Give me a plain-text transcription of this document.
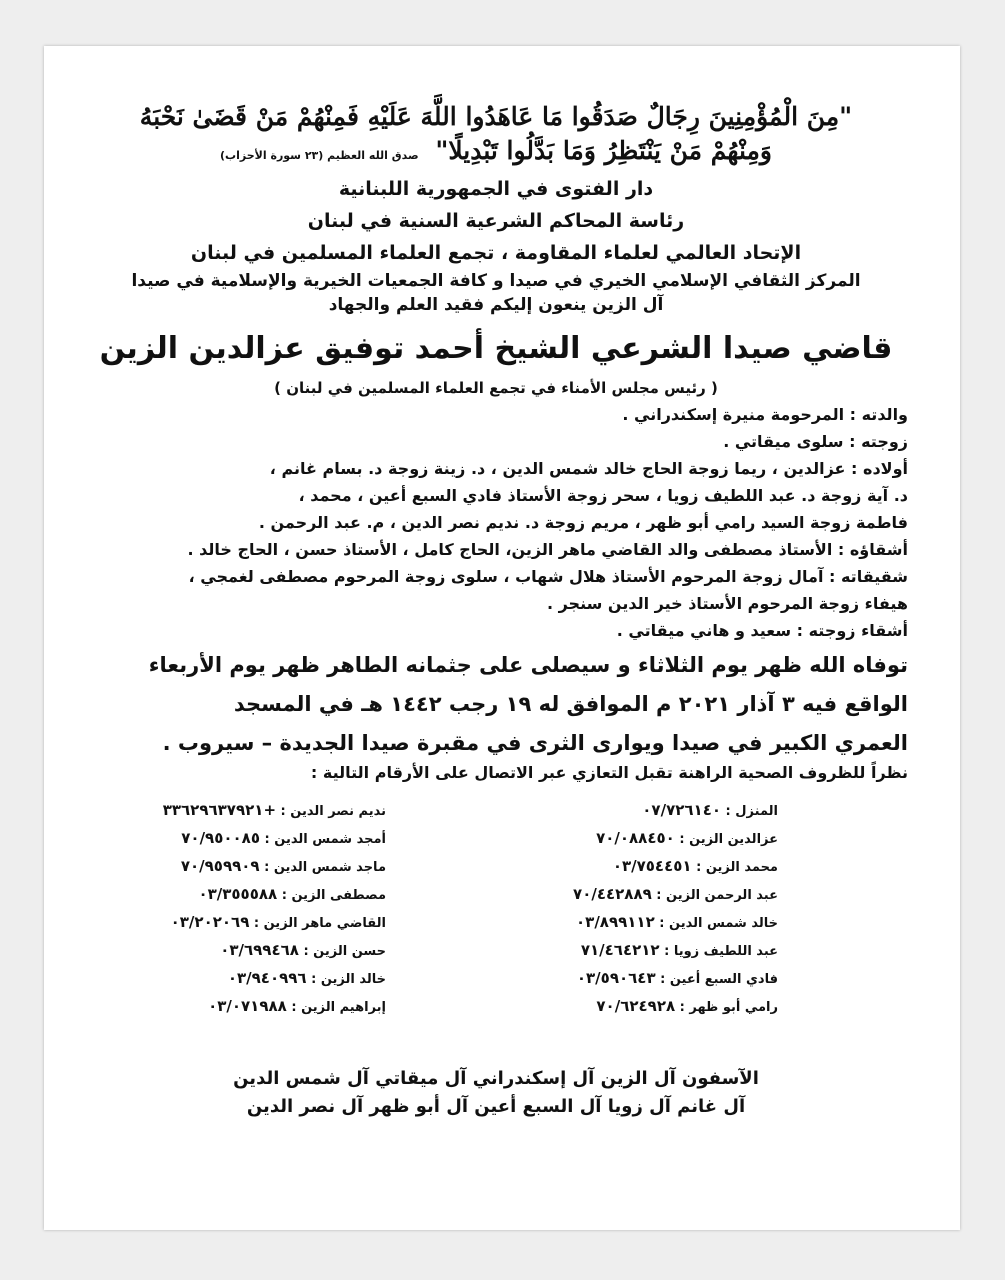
"مِنَ الْمُؤْمِنِينَ رِجَالٌ صَدَقُوا مَا عَاهَدُوا اللَّهَ عَلَيْهِ فَمِنْهُمْ مَنْ قَضَىٰ نَحْبَهُ
وَمِنْهُمْ مَنْ يَنْتَظِرُ وَمَا بَدَّلُوا تَبْدِيلًا" صدق الله العظيم (٢٣ سورة الأحزاب)
دار الفتوى في الجمهورية اللبنانية
رئاسة المحاكم الشرعية السنية في لبنان
الإتحاد العالمي لعلماء المقاومة ، تجمع العلماء المسلمين في لبنان
المركز الثقافي الإسلامي الخيري في صيدا و كافة الجمعيات الخيرية والإسلامية في صيدا
آل الزين ينعون إليكم فقيد العلم والجهاد
قاضي صيدا الشرعي الشيخ أحمد توفيق عزالدين الزين
( رئيس مجلس الأمناء في تجمع العلماء المسلمين في لبنان )
والدته : المرحومة منيرة إسكندراني .
زوجته : سلوى ميقاتي .
أولاده : عزالدين ، ريما زوجة الحاج خالد شمس الدين ، د. زينة زوجة د. بسام غانم ،
د. آية زوجة د. عبد اللطيف زويا ، سحر زوجة الأستاذ فادي السبع أعين ، محمد ،
فاطمة زوجة السيد رامي أبو ظهر ، مريم زوجة د. نديم نصر الدين ، م. عبد الرحمن .
أشقاؤه : الأستاذ مصطفى والد القاضي ماهر الزين، الحاج كامل ، الأستاذ حسن ، الحاج خالد .
شقيقاته : آمال زوجة المرحوم الأستاذ هلال شهاب ، سلوى زوجة المرحوم مصطفى لغمجي ،
هيفاء زوجة المرحوم الأستاذ خير الدين سنجر .
أشقاء زوجته : سعيد و هاني ميقاتي .
توفاه الله ظهر يوم الثلاثاء و سيصلى على جثمانه الطاهر ظهر يوم الأربعاء
الواقع فيه ٣ آذار ٢٠٢١ م الموافق له ١٩ رجب ١٤٤٢ هـ في المسجد
العمري الكبير في صيدا ويوارى الثرى في مقبرة صيدا الجديدة – سيروب .
نظراً للظروف الصحية الراهنة تقبل التعازي عبر الاتصال على الأرقام التالية :
المنزل : ٠٧/٧٢٦١٤٠
عزالدين الزين : ٧٠/٠٨٨٤٥٠
محمد الزين : ٠٣/٧٥٤٤٥١
عبد الرحمن الزين : ٧٠/٤٤٢٨٨٩
خالد شمس الدين : ٠٣/٨٩٩١١٢
عبد اللطيف زويا : ٧١/٤٦٤٢١٢
فادي السبع أعين : ٠٣/٥٩٠٦٤٣
رامي أبو ظهر : ٧٠/٦٢٤٩٢٨
نديم نصر الدين : +٣٣٦٢٩٦٣٧٩٢١
أمجد شمس الدين : ٧٠/٩٥٠٠٨٥
ماجد شمس الدين : ٧٠/٩٥٩٩٠٩
مصطفى الزين : ٠٣/٣٥٥٥٨٨
القاضي ماهر الزين : ٠٣/٢٠٢٠٦٩
حسن الزين : ٠٣/٦٩٩٤٦٨
خالد الزين : ٠٣/٩٤٠٩٩٦
إبراهيم الزين : ٠٣/٠٧١٩٨٨
الآسفون آل الزين آل إسكندراني آل ميقاتي آل شمس الدين
آل غانم آل زويا آل السبع أعين آل أبو ظهر آل نصر الدين
